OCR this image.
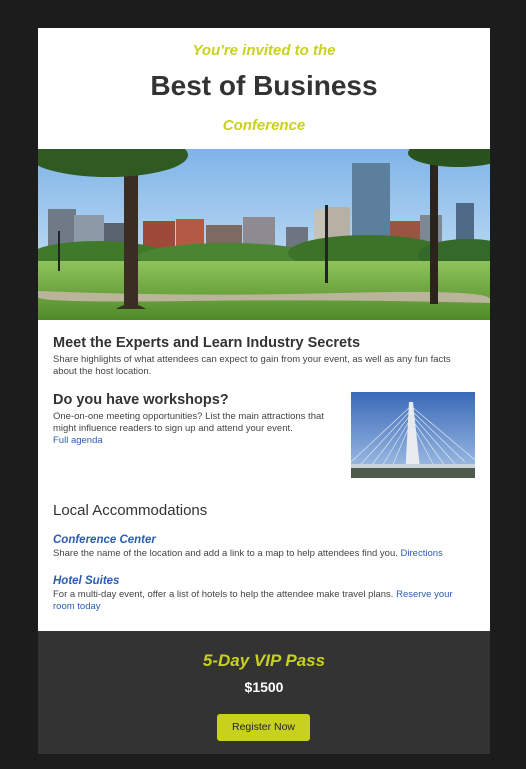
You're invited to the
Best of Business
Conference
Meet the Experts and Learn Industry Secrets

Share highlights of what attendees can expect to gain from your event, as well as any fun facts about the host location.

Do you have workshops?

One-on-one meeting opportunities? List the main attractions that might influence readers to sign up and attend your event.
Full agenda

Local Accommodations
Conference Center

Share the name of the location and add a link to a map to help attendees find you. Directions

Hotel Suites

For a multi-day event, offer a list of hotels to help the attendee make travel plans. Reserve your room today

5-Day VIP Pass
$1500
Register Now
